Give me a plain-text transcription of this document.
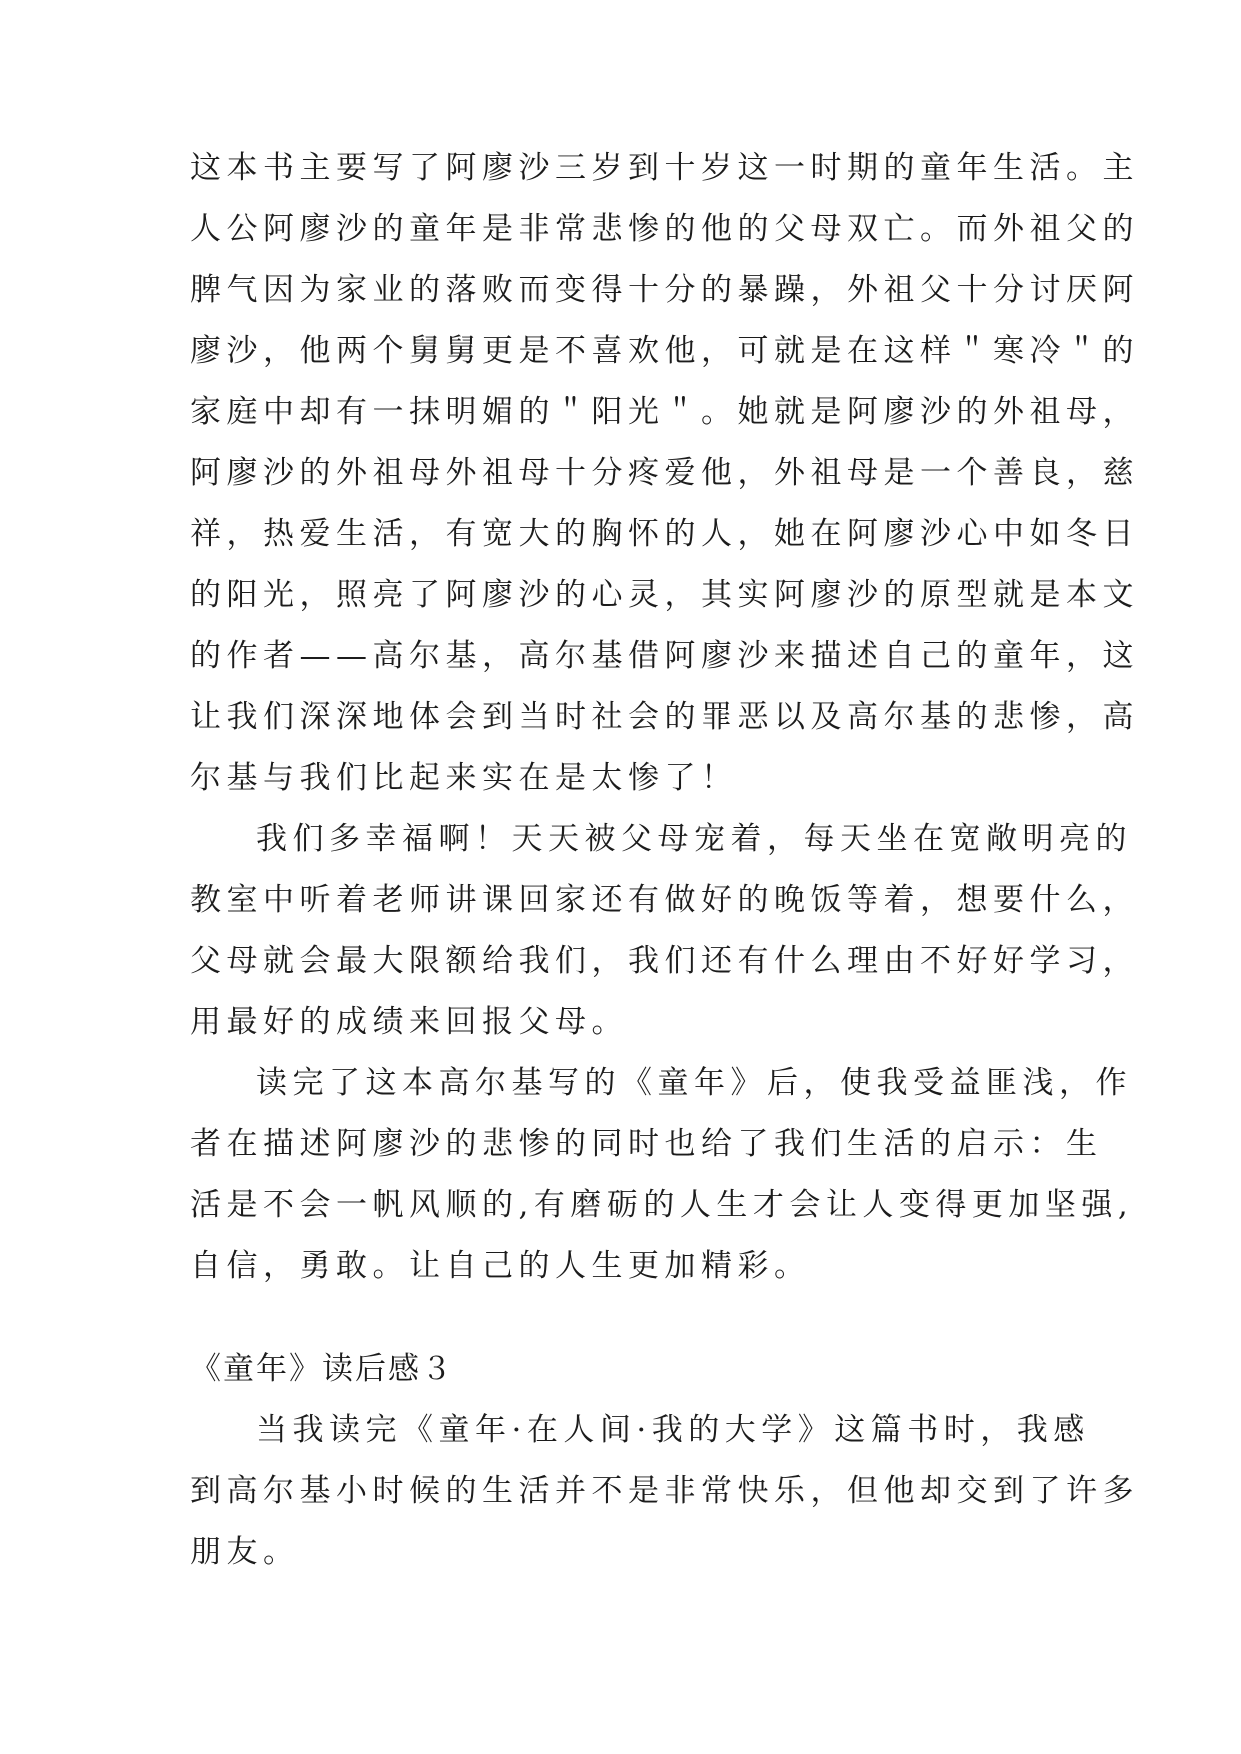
这本书主要写了阿廖沙三岁到十岁这一时期的童年生活。主

人公阿廖沙的童年是非常悲惨的他的父母双亡。而外祖父的

脾气因为家业的落败而变得十分的暴躁，外祖父十分讨厌阿

廖沙，他两个舅舅更是不喜欢他，可就是在这样＂寒冷＂的

家庭中却有一抹明媚的＂阳光＂。她就是阿廖沙的外祖母，

阿廖沙的外祖母外祖母十分疼爱他，外祖母是一个善良，慈

祥，热爱生活，有宽大的胸怀的人，她在阿廖沙心中如冬日

的阳光，照亮了阿廖沙的心灵，其实阿廖沙的原型就是本文

的作者——高尔基，高尔基借阿廖沙来描述自己的童年，这

让我们深深地体会到当时社会的罪恶以及高尔基的悲惨，高

尔基与我们比起来实在是太惨了！

我们多幸福啊！天天被父母宠着，每天坐在宽敞明亮的

教室中听着老师讲课回家还有做好的晚饭等着，想要什么，

父母就会最大限额给我们，我们还有什么理由不好好学习，

用最好的成绩来回报父母。

读完了这本高尔基写的《童年》后，使我受益匪浅，作

者在描述阿廖沙的悲惨的同时也给了我们生活的启示：生

活是不会一帆风顺的,有磨砺的人生才会让人变得更加坚强,

自信，勇敢。让自己的人生更加精彩。

《童年》读后感３

当我读完《童年·在人间·我的大学》这篇书时，我感

到高尔基小时候的生活并不是非常快乐，但他却交到了许多

朋友。
